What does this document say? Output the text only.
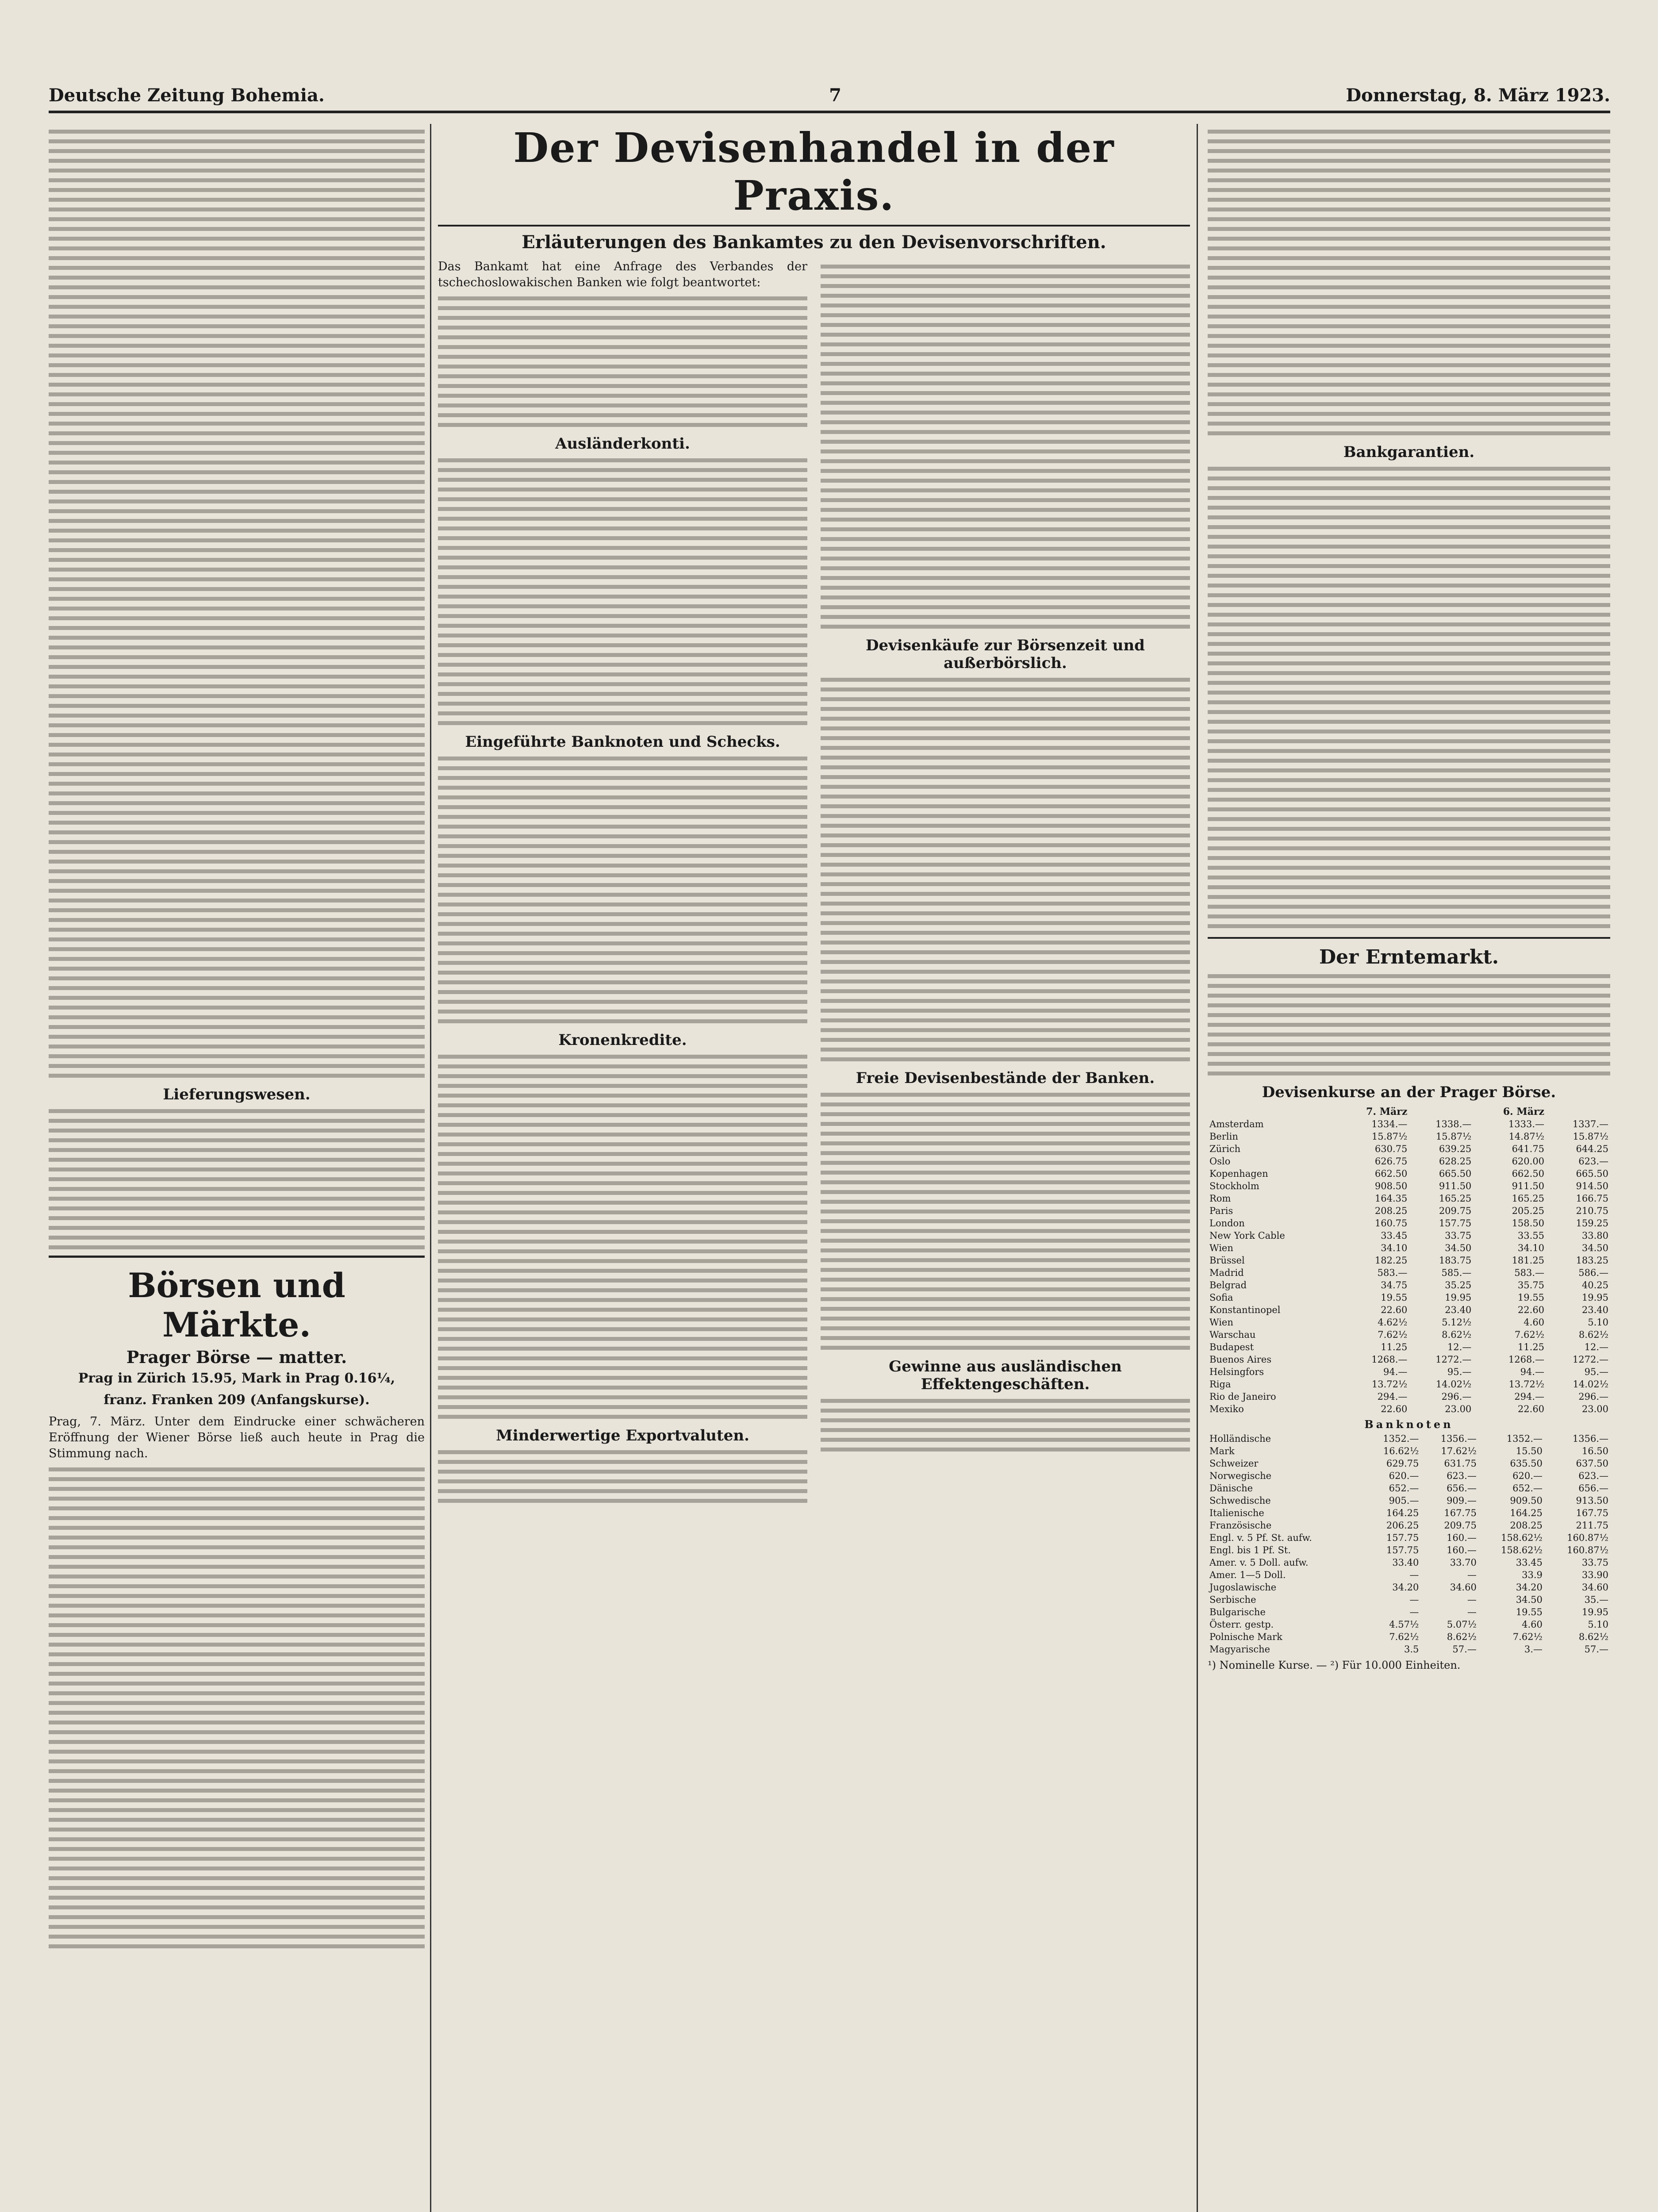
Deutsche Zeitung Bohemia.	7	Donnerstag, 8. März 1923.
Lieferungswesen.
Börsen und Märkte.
Prager Börse — matter.
Prag in Zürich 15.95, Mark in Prag 0.16¼,
franz. Franken 209 (Anfangskurse).

Prag, 7. März. Unter dem Eindrucke einer schwächeren Eröffnung der Wiener Börse ließ auch heute in Prag die Stimmung nach.

Der Devisenhandel in der Praxis.
Erläuterungen des Bankamtes zu den Devisenvorschriften.

Das Bankamt hat eine Anfrage des Verbandes der tschechoslowakischen Banken wie folgt beantwortet:

Ausländerkonti.
Eingeführte Banknoten und Schecks.
Kronenkredite.
Minderwertige Exportvaluten.
Devisenkäufe zur Börsenzeit und außerbörslich.
Freie Devisenbestände der Banken.
Gewinne aus ausländischen Effektengeschäften.
Bankgarantien.
Der Erntemarkt.
Devisenkurse an der Prager Börse.
	7. März		6. März	
Amsterdam	1334.—	1338.—	1333.—	1337.—
Berlin	15.87½	15.87½	14.87½	15.87½
Zürich	630.75	639.25	641.75	644.25
Oslo	626.75	628.25	620.00	623.—
Kopenhagen	662.50	665.50	662.50	665.50
Stockholm	908.50	911.50	911.50	914.50
Rom	164.35	165.25	165.25	166.75
Paris	208.25	209.75	205.25	210.75
London	160.75	157.75	158.50	159.25
New York Cable	33.45	33.75	33.55	33.80
Wien	34.10	34.50	34.10	34.50
Brüssel	182.25	183.75	181.25	183.25
Madrid	583.—	585.—	583.—	586.—
Belgrad	34.75	35.25	35.75	40.25
Sofia	19.55	19.95	19.55	19.95
Konstantinopel	22.60	23.40	22.60	23.40
Wien	4.62½	5.12½	4.60	5.10
Warschau	7.62½	8.62½	7.62½	8.62½
Budapest	11.25	12.—	11.25	12.—
Buenos Aires	1268.—	1272.—	1268.—	1272.—
Helsingfors	94.—	95.—	94.—	95.—
Riga	13.72½	14.02½	13.72½	14.02½
Rio de Janeiro	294.—	296.—	294.—	296.—
Mexiko	22.60	23.00	22.60	23.00
Banknoten
Holländische	1352.—	1356.—	1352.—	1356.—
Mark	16.62½	17.62½	15.50	16.50
Schweizer	629.75	631.75	635.50	637.50
Norwegische	620.—	623.—	620.—	623.—
Dänische	652.—	656.—	652.—	656.—
Schwedische	905.—	909.—	909.50	913.50
Italienische	164.25	167.75	164.25	167.75
Französische	206.25	209.75	208.25	211.75
Engl. v. 5 Pf. St. aufw.	157.75	160.—	158.62½	160.87½
Engl. bis 1 Pf. St.	157.75	160.—	158.62½	160.87½
Amer. v. 5 Doll. aufw.	33.40	33.70	33.45	33.75
Amer. 1—5 Doll.	—	—	33.9	33.90
Jugoslawische	34.20	34.60	34.20	34.60
Serbische	—	—	34.50	35.—
Bulgarische	—	—	19.55	19.95
Österr. gestp.	4.57½	5.07½	4.60	5.10
Polnische Mark	7.62½	8.62½	7.62½	8.62½
Magyarische	3.5	57.—	3.—	57.—
¹) Nominelle Kurse. — ²) Für 10.000 Einheiten.
